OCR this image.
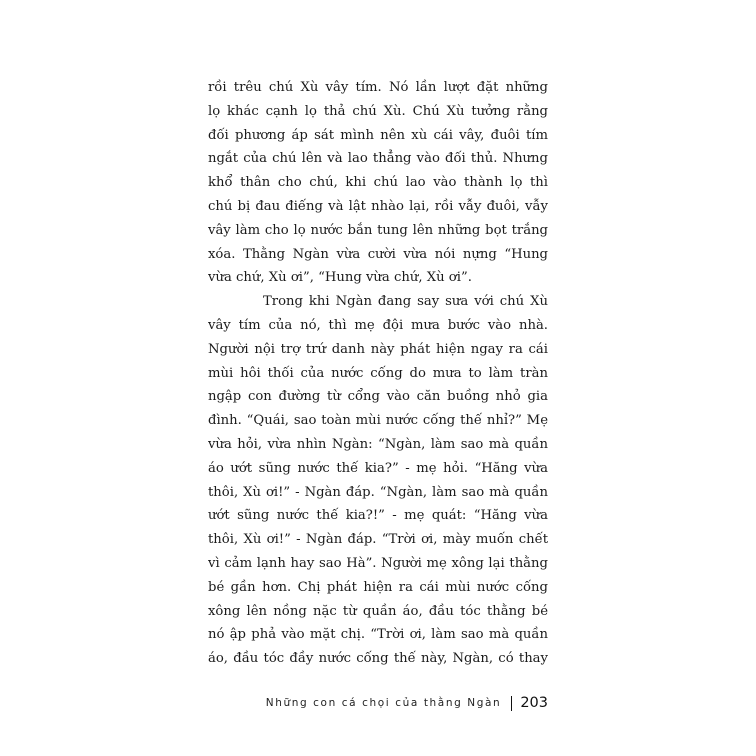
rồi trêu chú Xù vây tím. Nó lần lượt đặt những

lọ khác cạnh lọ thả chú Xù. Chú Xù tưởng rằng

đối phương áp sát mình nên xù cái vây, đuôi tím

ngắt của chú lên và lao thẳng vào đối thủ. Nhưng

khổ thân cho chú, khi chú lao vào thành lọ thì

chú bị đau điếng và lật nhào lại, rồi vẫy đuôi, vẫy

vây làm cho lọ nước bắn tung lên những bọt trắng

xóa. Thằng Ngàn vừa cười vừa nói nựng “Hung

vừa chứ, Xù ơi”, “Hung vừa chứ, Xù ơi”.

Trong khi Ngàn đang say sưa với chú Xù

vây tím của nó, thì mẹ đội mưa bước vào nhà.

Người nội trợ trứ danh này phát hiện ngay ra cái

mùi hôi thối của nước cống do mưa to làm tràn

ngập con đường từ cổng vào căn buồng nhỏ gia

đình. “Quái, sao toàn mùi nước cống thế nhỉ?” Mẹ

vừa hỏi, vừa nhìn Ngàn: “Ngàn, làm sao mà quần

áo ướt sũng nước thế kia?” - mẹ hỏi. “Hăng vừa

thôi, Xù ơi!” - Ngàn đáp. “Ngàn, làm sao mà quần

ướt sũng nước thế kia?!” - mẹ quát: “Hăng vừa

thôi, Xù ơi!” - Ngàn đáp. “Trời ơi, mày muốn chết

vì cảm lạnh hay sao Hà”. Người mẹ xông lại thằng

bé gần hơn. Chị phát hiện ra cái mùi nước cống

xông lên nồng nặc từ quần áo, đầu tóc thằng bé

nó ập phả vào mặt chị. “Trời ơi, làm sao mà quần

áo, đầu tóc đầy nước cống thế này, Ngàn, có thay

Những con cá chọi của thằng Ngàn 203
